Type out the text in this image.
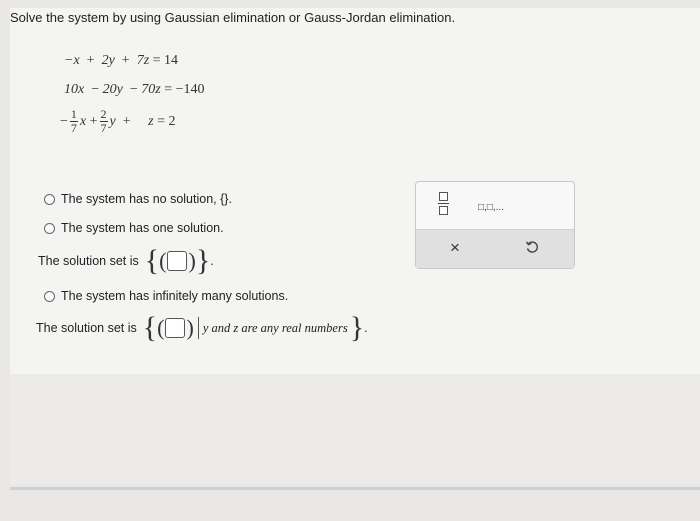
Solve the system by using Gaussian elimination or Gauss-Jordan elimination.
−x + 2y + 7z = 14
10x − 20y − 70z = −140
− $\frac{1}{7}$ x
+ $\frac{2}{7}$ y
+
z
= 2
The system has no solution, {}.
The system has one solution.
The solution set is { ( ) } .
The system has infinitely many solutions.
The solution set is { ( ) y and z are any real numbers } .
□,□,...
×
